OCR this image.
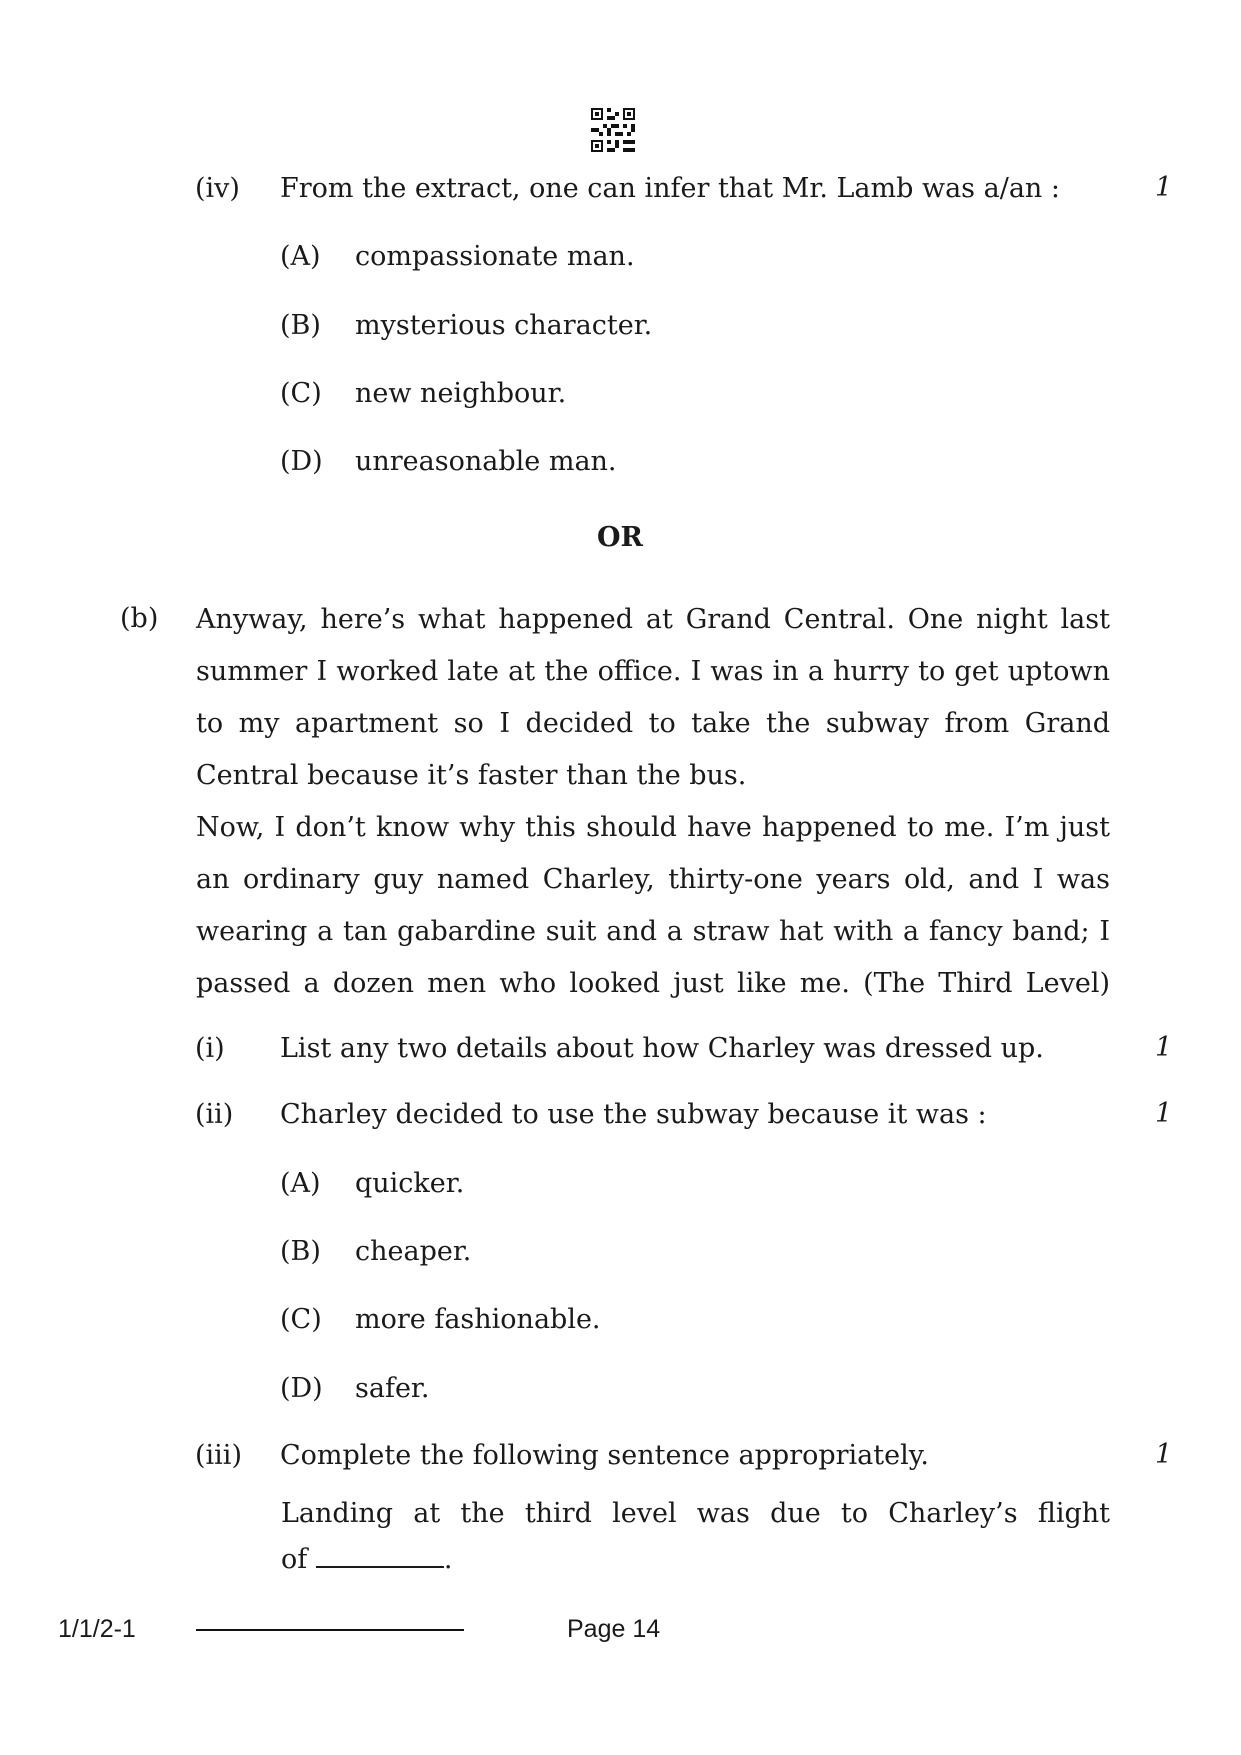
(iv) From the extract, one can infer that Mr. Lamb was a/an :	1
(A) compassionate man.
(B) mysterious character.
(C) new neighbour.
(D) unreasonable man.
OR
(b) Anyway, here’s what happened at Grand Central. One night last summer I worked late at the office. I was in a hurry to get uptown to my apartment so I decided to take the subway from Grand Central because it’s faster than the bus.
Now, I don’t know why this should have happened to me. I’m just an ordinary guy named Charley, thirty-one years old, and I was wearing a tan gabardine suit and a straw hat with a fancy band; I passed a dozen men who looked just like me. (The Third Level)
(i) List any two details about how Charley was dressed up.	1
(ii) Charley decided to use the subway because it was :	1
(A) quicker.
(B) cheaper.
(C) more fashionable.
(D) safer.
(iii) Complete the following sentence appropriately.	1
Landing at the third level was due to Charley’s flight
of	.
1/1/2-1	Page 14
